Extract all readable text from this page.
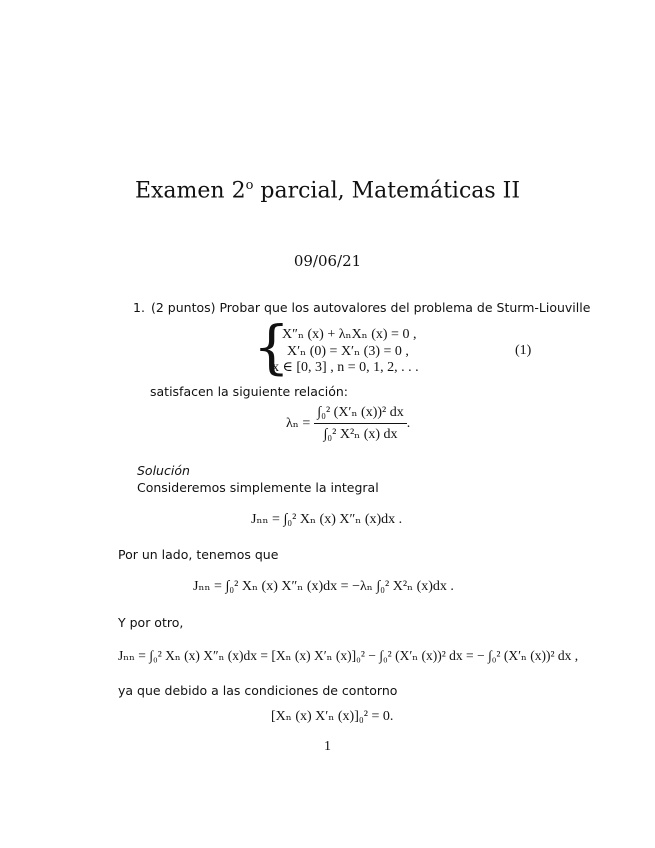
Examen 2$^o$ parcial, Matemáticas II
09/06/21
1. (2 puntos) Probar que los autovalores del problema de Sturm-Liouville
{
X″ₙ (x) + λₙXₙ (x) = 0 ,
X′ₙ (0) = X′ₙ (3) = 0 ,
x ∈ [0, 3] , n = 0, 1, 2, . . .
(1)
satisfacen la siguiente relación:
$\lambda_n = \frac{\text{∫₀² (X′ₙ (x))² dx}}{\text{∫₀² X²ₙ (x) dx}}$ .
Solución
Consideremos simplemente la integral
Jₙₙ = ∫₀² Xₙ (x) X″ₙ (x)dx .
Por un lado, tenemos que
Jₙₙ = ∫₀² Xₙ (x) X″ₙ (x)dx = −λₙ ∫₀² X²ₙ (x)dx .
Y por otro,
Jₙₙ = ∫₀² Xₙ (x) X″ₙ (x)dx = [Xₙ (x) X′ₙ (x)]₀² − ∫₀² (X′ₙ (x))² dx = − ∫₀² (X′ₙ (x))² dx ,
ya que debido a las condiciones de contorno
[Xₙ (x) X′ₙ (x)]₀² = 0.
1
